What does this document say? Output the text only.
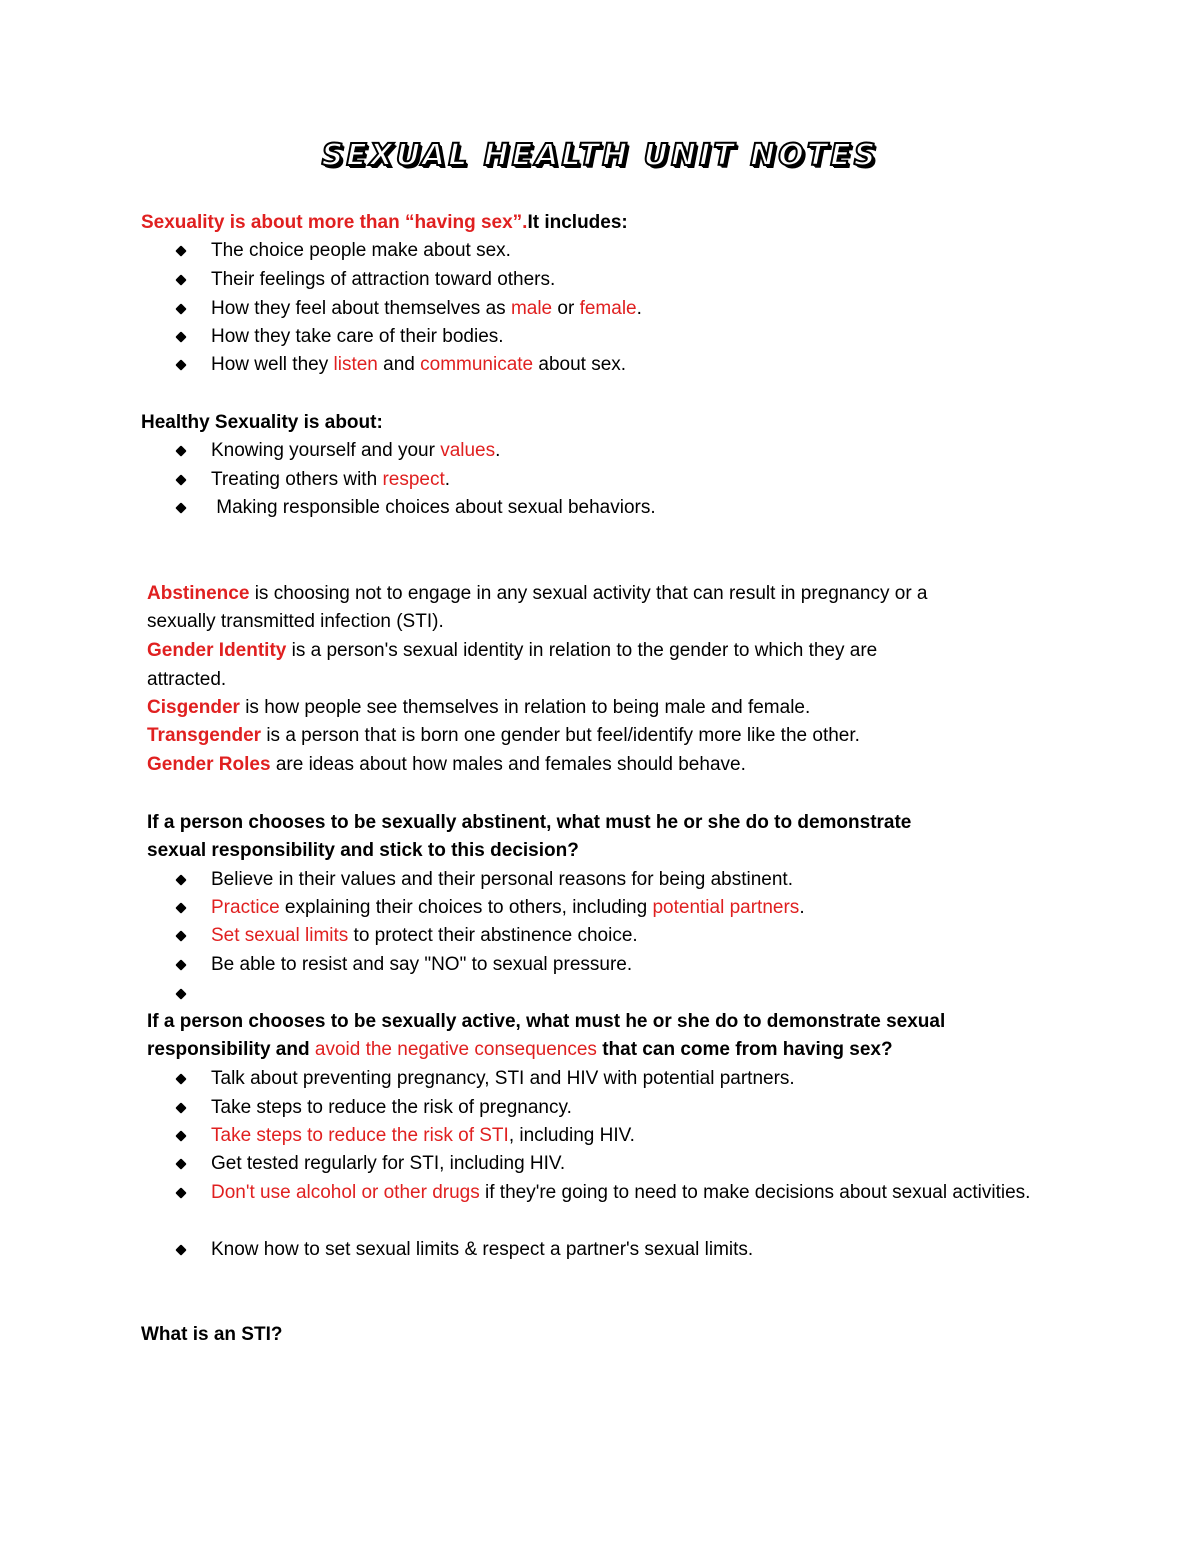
SEXUAL HEALTH UNIT NOTES
Sexuality is about more than “having sex”.It includes:
The choice people make about sex.
Their feelings of attraction toward others.
How they feel about themselves as male or female.
How they take care of their bodies.
How well they listen and communicate about sex.
Healthy Sexuality is about:
Knowing yourself and your values.
Treating others with respect.
Making responsible choices about sexual behaviors.
Abstinence is choosing not to engage in any sexual activity that can result in pregnancy or a
sexually transmitted infection (STI).
Gender Identity is a person's sexual identity in relation to the gender to which they are
attracted.
Cisgender is how people see themselves in relation to being male and female.
Transgender is a person that is born one gender but feel/identify more like the other.
Gender Roles are ideas about how males and females should behave.
If a person chooses to be sexually abstinent, what must he or she do to demonstrate
sexual responsibility and stick to this decision?
Believe in their values and their personal reasons for being abstinent.
Practice explaining their choices to others, including potential partners.
Set sexual limits to protect their abstinence choice.
Be able to resist and say "NO" to sexual pressure.
If a person chooses to be sexually active, what must he or she do to demonstrate sexual
responsibility and avoid the negative consequences that can come from having sex?
Talk about preventing pregnancy, STI and HIV with potential partners.
Take steps to reduce the risk of pregnancy.
Take steps to reduce the risk of STI, including HIV.
Get tested regularly for STI, including HIV.
Don't use alcohol or other drugs if they're going to need to make decisions about sexual activities.
Know how to set sexual limits & respect a partner's sexual limits.
What is an STI?
